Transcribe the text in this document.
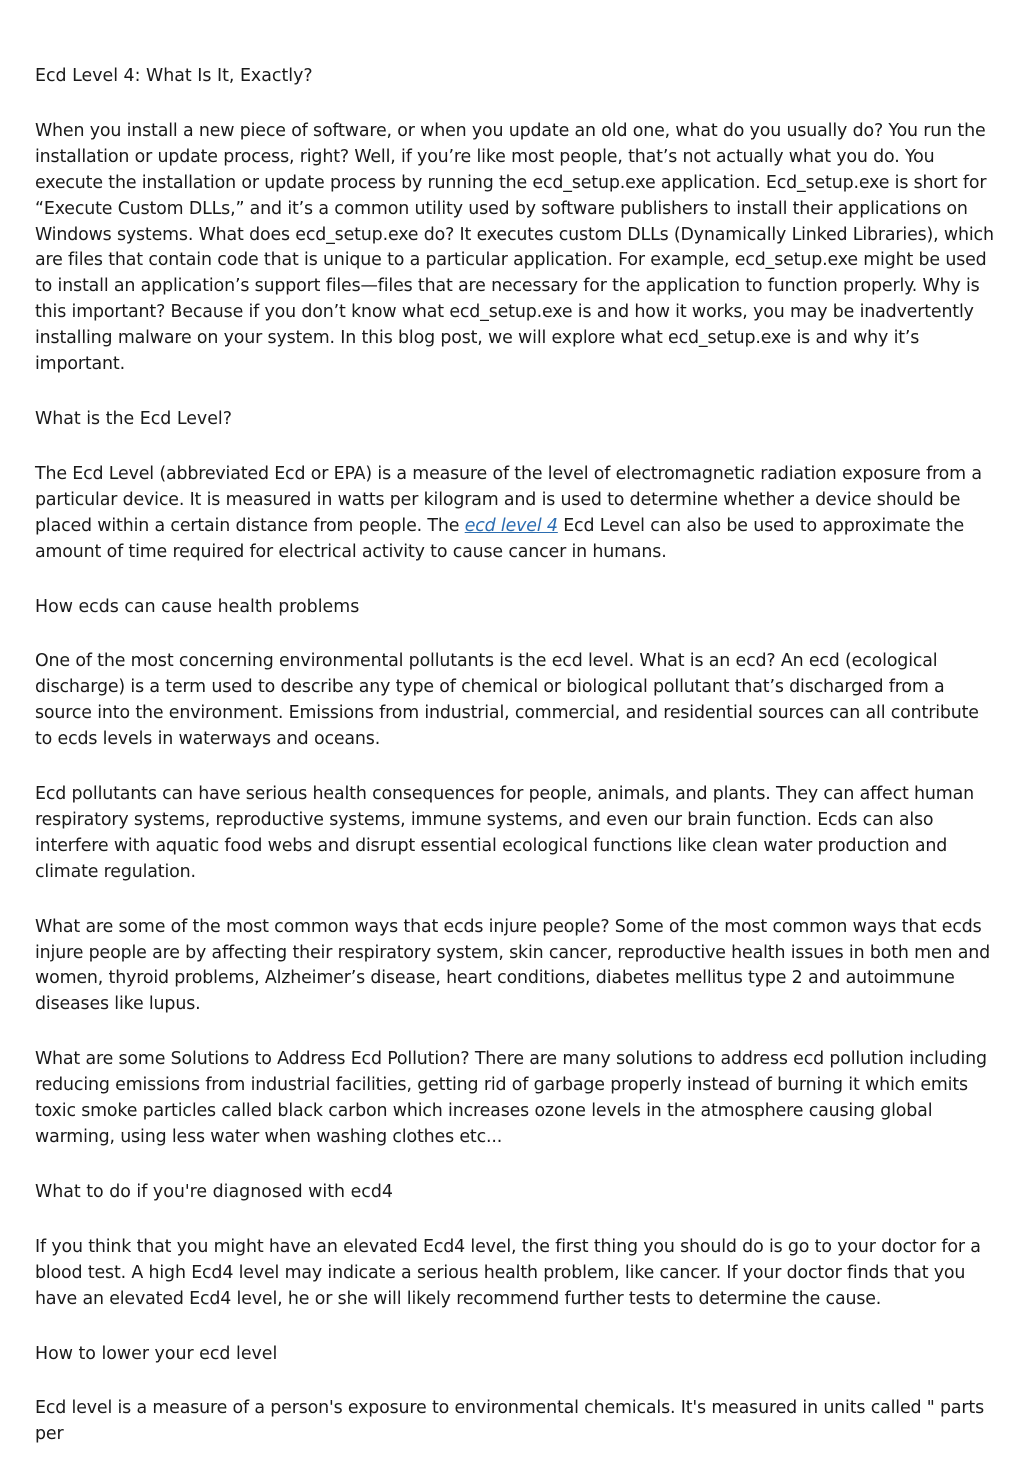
Ecd Level 4: What Is It, Exactly?
When you install a new piece of software, or when you update an old one, what do you usually do? You run the installation or update process, right? Well, if you’re like most people, that’s not actually what you do. You execute the installation or update process by running the ecd_setup.exe application. Ecd_setup.exe is short for “Execute Custom DLLs,” and it’s a common utility used by software publishers to install their applications on Windows systems. What does ecd_setup.exe do? It executes custom DLLs (Dynamically Linked Libraries), which are files that contain code that is unique to a particular application. For example, ecd_setup.exe might be used to install an application’s support files—files that are necessary for the application to function properly. Why is this important? Because if you don’t know what ecd_setup.exe is and how it works, you may be inadvertently installing malware on your system. In this blog post, we will explore what ecd_setup.exe is and why it’s important.
What is the Ecd Level?
The Ecd Level (abbreviated Ecd or EPA) is a measure of the level of electromagnetic radiation exposure from a particular device. It is measured in watts per kilogram and is used to determine whether a device should be placed within a certain distance from people. The ecd level 4 Ecd Level can also be used to approximate the amount of time required for electrical activity to cause cancer in humans.
How ecds can cause health problems
One of the most concerning environmental pollutants is the ecd level. What is an ecd? An ecd (ecological discharge) is a term used to describe any type of chemical or biological pollutant that’s discharged from a source into the environment. Emissions from industrial, commercial, and residential sources can all contribute to ecds levels in waterways and oceans.
Ecd pollutants can have serious health consequences for people, animals, and plants. They can affect human respiratory systems, reproductive systems, immune systems, and even our brain function. Ecds can also interfere with aquatic food webs and disrupt essential ecological functions like clean water production and climate regulation.
What are some of the most common ways that ecds injure people? Some of the most common ways that ecds injure people are by affecting their respiratory system, skin cancer, reproductive health issues in both men and women, thyroid problems, Alzheimer’s disease, heart conditions, diabetes mellitus type 2 and autoimmune diseases like lupus.
What are some Solutions to Address Ecd Pollution? There are many solutions to address ecd pollution including reducing emissions from industrial facilities, getting rid of garbage properly instead of burning it which emits toxic smoke particles called black carbon which increases ozone levels in the atmosphere causing global warming, using less water when washing clothes etc...
What to do if you're diagnosed with ecd4
If you think that you might have an elevated Ecd4 level, the first thing you should do is go to your doctor for a blood test. A high Ecd4 level may indicate a serious health problem, like cancer. If your doctor finds that you have an elevated Ecd4 level, he or she will likely recommend further tests to determine the cause.
How to lower your ecd level
Ecd level is a measure of a person's exposure to environmental chemicals. It's measured in units called " parts per
